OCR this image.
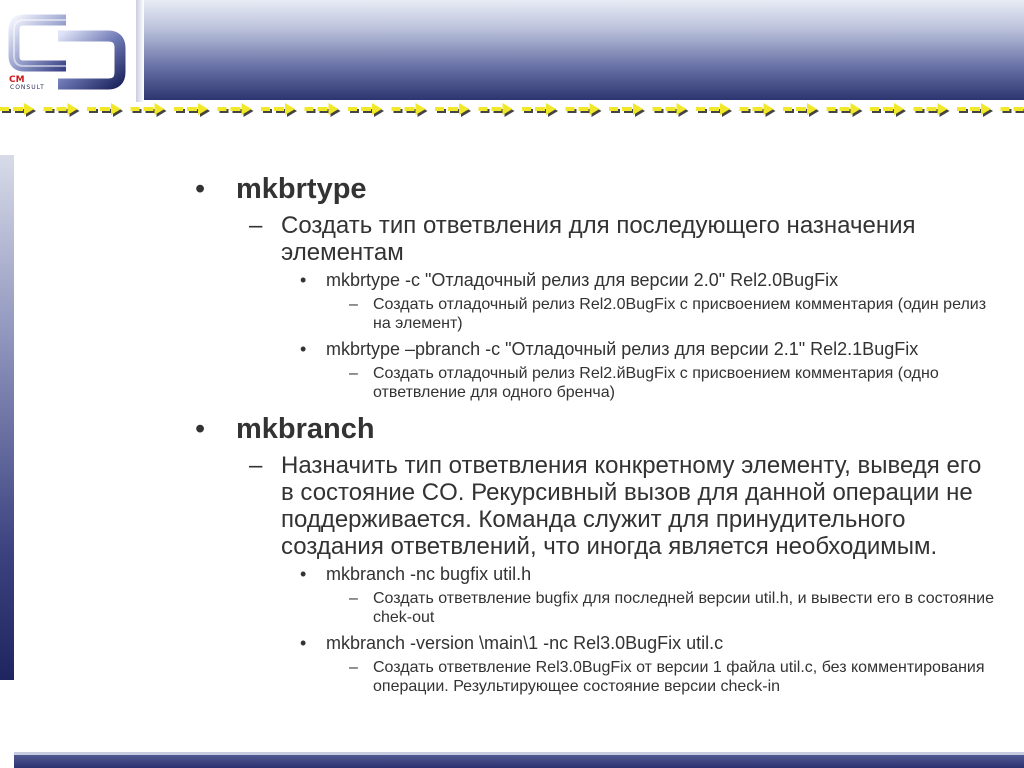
CM
CONSULT
• mkbrtype
– Создать тип ответвления для последующего назначения элементам
• mkbrtype -c "Отладочный релиз для версии 2.0" Rel2.0BugFix
– Создать отладочный релиз Rel2.0BugFix с присвоением комментария (один релиз на элемент)
• mkbrtype –pbranch -c "Отладочный релиз для версии 2.1" Rel2.1BugFix
– Создать отладочный релиз Rel2.йBugFix с присвоением комментария (одно ответвление для одного бренча)
• mkbranch
– Назначить тип ответвления конкретному элементу, выведя его в состояние CO. Рекурсивный вызов для данной операции не поддерживается. Команда служит для принудительного создания ответвлений, что иногда является необходимым.
• mkbranch -nc bugfix util.h
– Создать ответвление bugfix для последней версии util.h, и вывести его в состояние chek-out
• mkbranch -version \main\1 -nc Rel3.0BugFix util.c
– Создать ответвление Rel3.0BugFix от версии 1 файла util.c, без комментирования операции. Результирующее состояние версии check-in
